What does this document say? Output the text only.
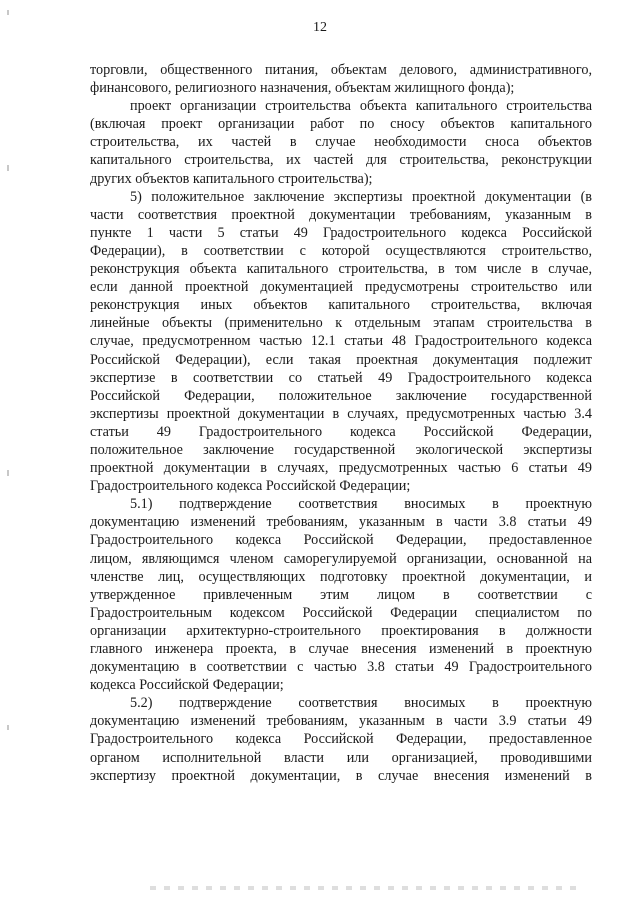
12
торговли, общественного питания, объектам делового, административного,
финансового, религиозного назначения, объектам жилищного фонда);
проект организации строительства объекта капитального строительства
(включая проект организации работ по сносу объектов капитального
строительства, их частей в случае необходимости сноса объектов
капитального строительства, их частей для строительства, реконструкции
других объектов капитального строительства);
5) положительное заключение экспертизы проектной документации (в
части соответствия проектной документации требованиям, указанным в
пункте 1 части 5 статьи 49 Градостроительного кодекса Российской
Федерации), в соответствии с которой осуществляются строительство,
реконструкция объекта капитального строительства, в том числе в случае,
если данной проектной документацией предусмотрены строительство или
реконструкция иных объектов капитального строительства, включая
линейные объекты (применительно к отдельным этапам строительства в
случае, предусмотренном частью 12.1 статьи 48 Градостроительного кодекса
Российской Федерации), если такая проектная документация подлежит
экспертизе в соответствии со статьей 49 Градостроительного кодекса
Российской Федерации, положительное заключение государственной
экспертизы проектной документации в случаях, предусмотренных частью 3.4
статьи 49 Градостроительного кодекса Российской Федерации,
положительное заключение государственной экологической экспертизы
проектной документации в случаях, предусмотренных частью 6 статьи 49
Градостроительного кодекса Российской Федерации;
5.1) подтверждение соответствия вносимых в проектную
документацию изменений требованиям, указанным в части 3.8 статьи 49
Градостроительного кодекса Российской Федерации, предоставленное
лицом, являющимся членом саморегулируемой организации, основанной на
членстве лиц, осуществляющих подготовку проектной документации, и
утвержденное привлеченным этим лицом в соответствии с
Градостроительным кодексом Российской Федерации специалистом по
организации архитектурно-строительного проектирования в должности
главного инженера проекта, в случае внесения изменений в проектную
документацию в соответствии с частью 3.8 статьи 49 Градостроительного
кодекса Российской Федерации;
5.2) подтверждение соответствия вносимых в проектную
документацию изменений требованиям, указанным в части 3.9 статьи 49
Градостроительного кодекса Российской Федерации, предоставленное
органом исполнительной власти или организацией, проводившими
экспертизу проектной документации, в случае внесения изменений в
